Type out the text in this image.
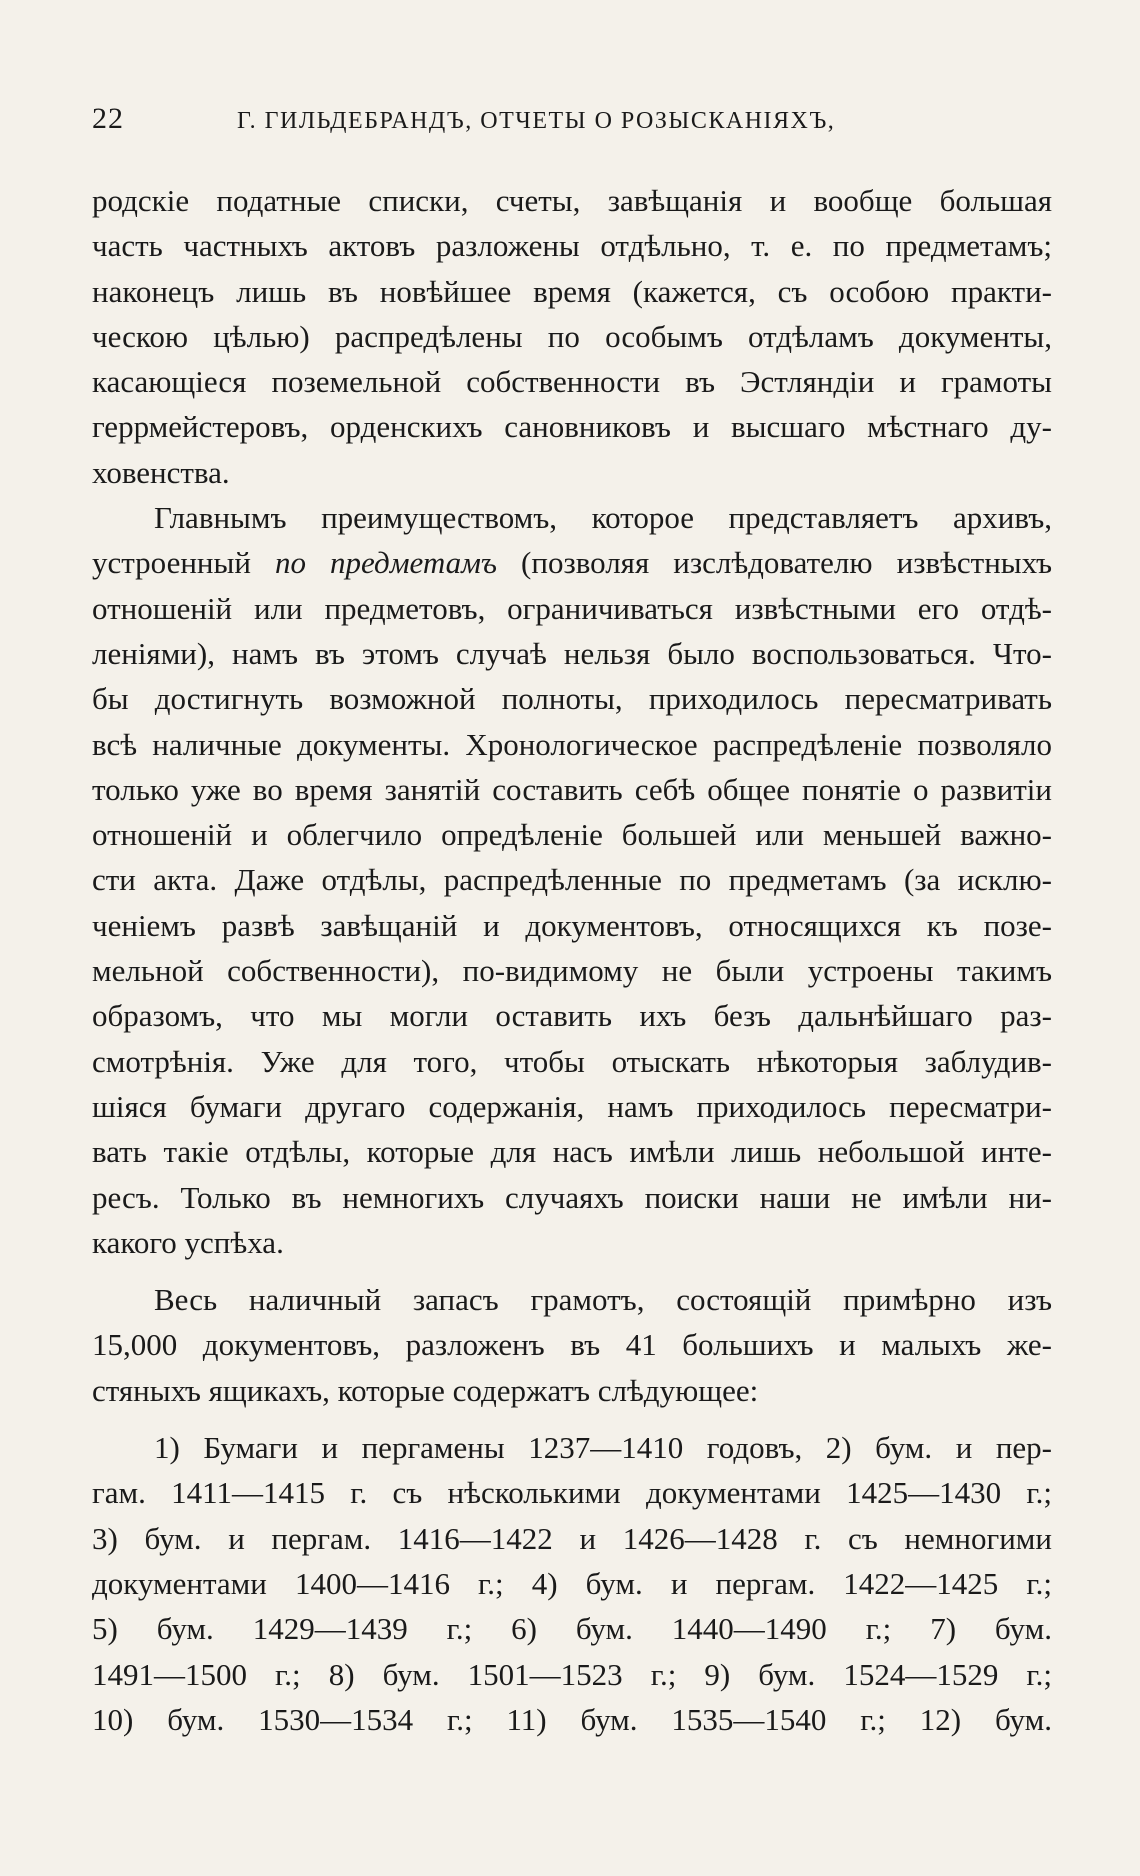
22	Г. ГИЛЬДЕБРАНДЪ, ОТЧЕТЫ О РОЗЫСКАНІЯХЪ,

родскіе податные списки, счеты, завѣщанія и вообще большая
часть частныхъ актовъ разложены отдѣльно, т. е. по предметамъ;
наконецъ лишь въ новѣйшее время (кажется, съ особою практи-
ческою цѣлью) распредѣлены по особымъ отдѣламъ документы,
касающіеся поземельной собственности въ Эстляндіи и грамоты
геррмейстеровъ, орденскихъ сановниковъ и высшаго мѣстнаго ду-
ховенства.

Главнымъ преимуществомъ, которое представляетъ архивъ,
устроенный по предметамъ (позволяя изслѣдователю извѣстныхъ
отношеній или предметовъ, ограничиваться извѣстными его отдѣ-
леніями), намъ въ этомъ случаѣ нельзя было воспользоваться. Что-
бы достигнуть возможной полноты, приходилось пересматривать
всѣ наличные документы. Хронологическое распредѣленіе позволяло
только уже во время занятій составить себѣ общее понятіе о развитіи
отношеній и облегчило опредѣленіе большей или меньшей важно-
сти акта. Даже отдѣлы, распредѣленные по предметамъ (за исклю-
ченіемъ развѣ завѣщаній и документовъ, относящихся къ позе-
мельной собственности), по-видимому не были устроены такимъ
образомъ, что мы могли оставить ихъ безъ дальнѣйшаго раз-
смотрѣнія. Уже для того, чтобы отыскать нѣкоторыя заблудив-
шіяся бумаги другаго содержанія, намъ приходилось пересматри-
вать такіе отдѣлы, которые для насъ имѣли лишь небольшой инте-
ресъ. Только въ немногихъ случаяхъ поиски наши не имѣли ни-
какого успѣха.

Весь наличный запасъ грамотъ, состоящій примѣрно изъ
15,000 документовъ, разложенъ въ 41 большихъ и малыхъ же-
стяныхъ ящикахъ, которые содержатъ слѣдующее:

1) Бумаги и пергамены 1237—1410 годовъ, 2) бум. и пер-
гам. 1411—1415 г. съ нѣсколькими документами 1425—1430 г.;
3) бум. и пергам. 1416—1422 и 1426—1428 г. съ немногими
документами 1400—1416 г.; 4) бум. и пергам. 1422—1425 г.;
5) бум. 1429—1439 г.; 6) бум. 1440—1490 г.; 7) бум.
1491—1500 г.; 8) бум. 1501—1523 г.; 9) бум. 1524—1529 г.;
10) бум. 1530—1534 г.; 11) бум. 1535—1540 г.; 12) бум.
